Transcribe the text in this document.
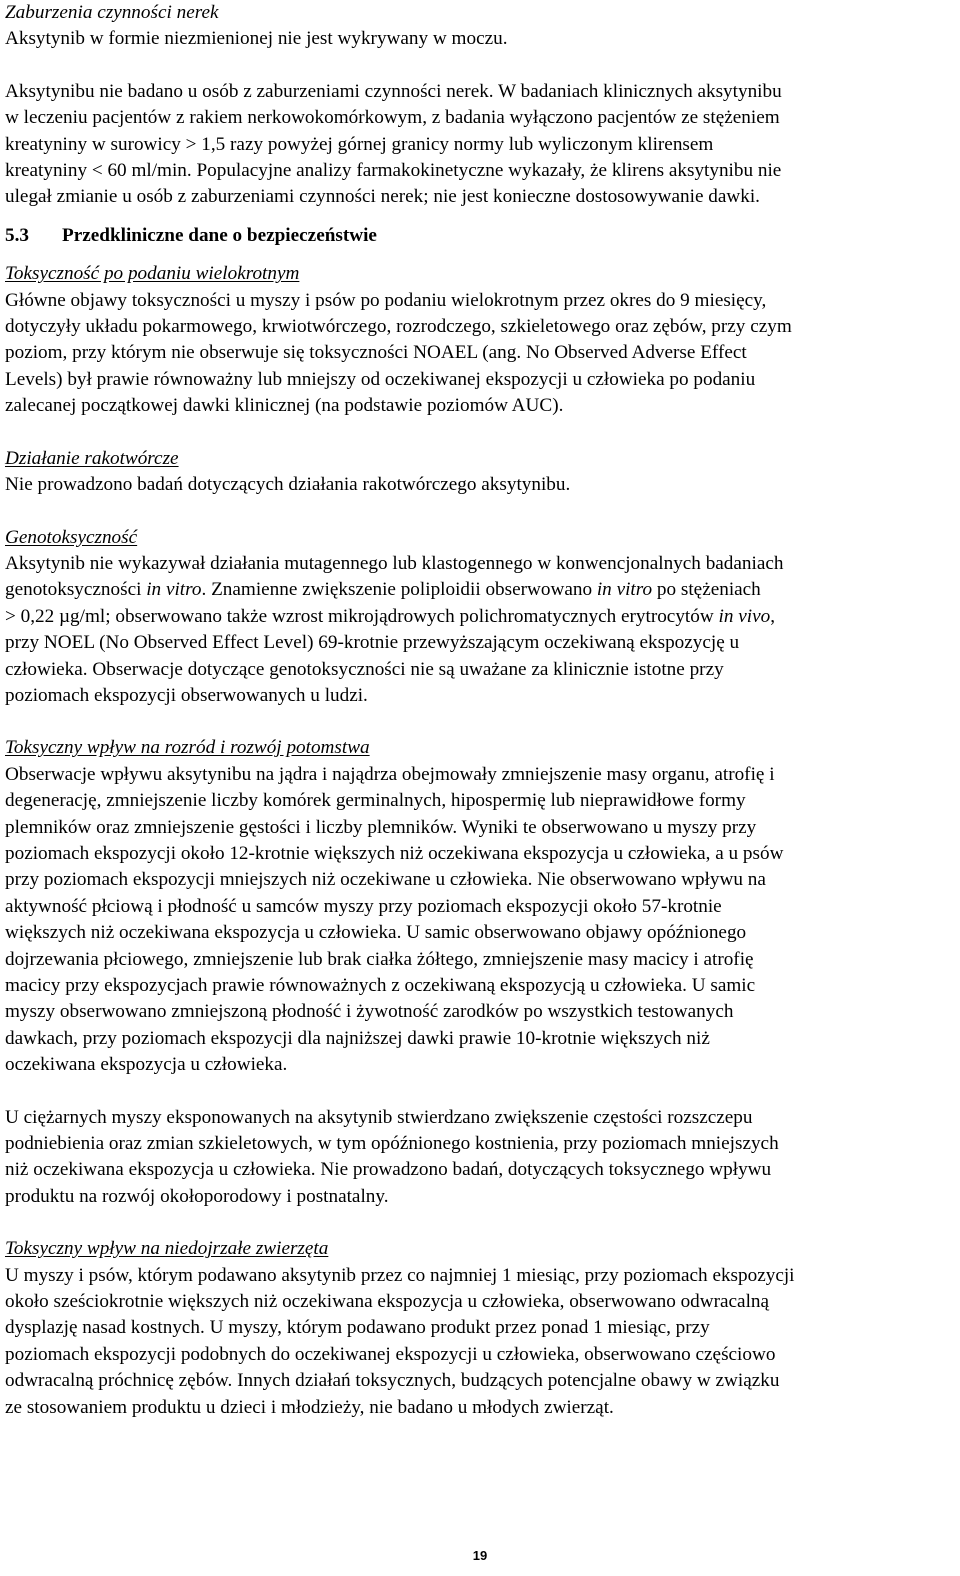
Zaburzenia czynności nerek

Aksytynib w formie niezmienionej nie jest wykrywany w moczu.

Aksytynibu nie badano u osób z zaburzeniami czynności nerek. W badaniach klinicznych aksytynibu
w leczeniu pacjentów z rakiem nerkowokomórkowym, z badania wyłączono pacjentów ze stężeniem
kreatyniny w surowicy > 1,5 razy powyżej górnej granicy normy lub wyliczonym klirensem
kreatyniny < 60 ml/min. Populacyjne analizy farmakokinetyczne wykazały, że klirens aksytynibu nie
ulegał zmianie u osób z zaburzeniami czynności nerek; nie jest konieczne dostosowywanie dawki.

5.3	Przedkliniczne dane o bezpieczeństwie

Toksyczność po podaniu wielokrotnym

Główne objawy toksyczności u myszy i psów po podaniu wielokrotnym przez okres do 9 miesięcy,
dotyczyły układu pokarmowego, krwiotwórczego, rozrodczego, szkieletowego oraz zębów, przy czym
poziom, przy którym nie obserwuje się toksyczności NOAEL (ang. No Observed Adverse Effect
Levels) był prawie równoważny lub mniejszy od oczekiwanej ekspozycji u człowieka po podaniu
zalecanej początkowej dawki klinicznej (na podstawie poziomów AUC).

Działanie rakotwórcze

Nie prowadzono badań dotyczących działania rakotwórczego aksytynibu.

Genotoksyczność

Aksytynib nie wykazywał działania mutagennego lub klastogennego w konwencjonalnych badaniach
genotoksyczności in vitro. Znamienne zwiększenie poliploidii obserwowano in vitro po stężeniach
> 0,22 µg/ml; obserwowano także wzrost mikrojądrowych polichromatycznych erytrocytów in vivo,
przy NOEL (No Observed Effect Level) 69-krotnie przewyższającym oczekiwaną ekspozycję u
człowieka. Obserwacje dotyczące genotoksyczności nie są uważane za klinicznie istotne przy
poziomach ekspozycji obserwowanych u ludzi.

Toksyczny wpływ na rozród i rozwój potomstwa

Obserwacje wpływu aksytynibu na jądra i najądrza obejmowały zmniejszenie masy organu, atrofię i
degenerację, zmniejszenie liczby komórek germinalnych, hipospermię lub nieprawidłowe formy
plemników oraz zmniejszenie gęstości i liczby plemników. Wyniki te obserwowano u myszy przy
poziomach ekspozycji około 12-krotnie większych niż oczekiwana ekspozycja u człowieka, a u psów
przy poziomach ekspozycji mniejszych niż oczekiwane u człowieka. Nie obserwowano wpływu na
aktywność płciową i płodność u samców myszy przy poziomach ekspozycji około 57-krotnie
większych niż oczekiwana ekspozycja u człowieka. U samic obserwowano objawy opóźnionego
dojrzewania płciowego, zmniejszenie lub brak ciałka żółtego, zmniejszenie masy macicy i atrofię
macicy przy ekspozycjach prawie równoważnych z oczekiwaną ekspozycją u człowieka. U samic
myszy obserwowano zmniejszoną płodność i żywotność zarodków po wszystkich testowanych
dawkach, przy poziomach ekspozycji dla najniższej dawki prawie 10-krotnie większych niż
oczekiwana ekspozycja u człowieka.

U ciężarnych myszy eksponowanych na aksytynib stwierdzano zwiększenie częstości rozszczepu
podniebienia oraz zmian szkieletowych, w tym opóźnionego kostnienia, przy poziomach mniejszych
niż oczekiwana ekspozycja u człowieka. Nie prowadzono badań, dotyczących toksycznego wpływu
produktu na rozwój okołoporodowy i postnatalny.

Toksyczny wpływ na niedojrzałe zwierzęta

U myszy i psów, którym podawano aksytynib przez co najmniej 1 miesiąc, przy poziomach ekspozycji
około sześciokrotnie większych niż oczekiwana ekspozycja u człowieka, obserwowano odwracalną
dysplazję nasad kostnych. U myszy, którym podawano produkt przez ponad 1 miesiąc, przy
poziomach ekspozycji podobnych do oczekiwanej ekspozycji u człowieka, obserwowano częściowo
odwracalną próchnicę zębów. Innych działań toksycznych, budzących potencjalne obawy w związku
ze stosowaniem produktu u dzieci i młodzieży, nie badano u młodych zwierząt.

19
